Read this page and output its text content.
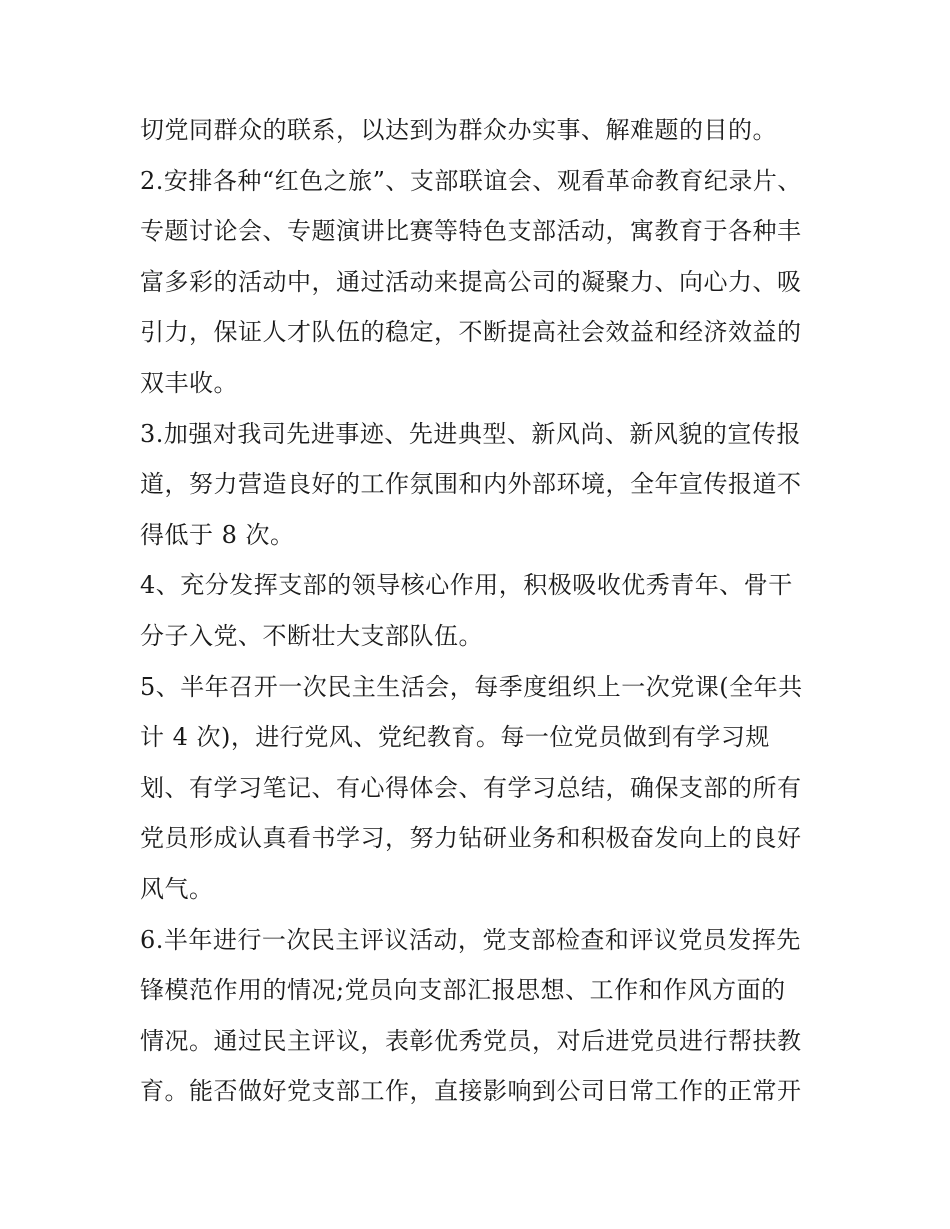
切党同群众的联系，以达到为群众办实事、解难题的目的。
2.安排各种“红色之旅”、支部联谊会、观看革命教育纪录片、
专题讨论会、专题演讲比赛等特色支部活动，寓教育于各种丰
富多彩的活动中，通过活动来提高公司的凝聚力、向心力、吸
引力，保证人才队伍的稳定，不断提高社会效益和经济效益的
双丰收。
3.加强对我司先进事迹、先进典型、新风尚、新风貌的宣传报
道，努力营造良好的工作氛围和内外部环境，全年宣传报道不
得低于 8 次。
4、充分发挥支部的领导核心作用，积极吸收优秀青年、骨干
分子入党、不断壮大支部队伍。
5、半年召开一次民主生活会，每季度组织上一次党课(全年共
计 4 次)，进行党风、党纪教育。每一位党员做到有学习规
划、有学习笔记、有心得体会、有学习总结，确保支部的所有
党员形成认真看书学习，努力钻研业务和积极奋发向上的良好
风气。
6.半年进行一次民主评议活动，党支部检查和评议党员发挥先
锋模范作用的情况;党员向支部汇报思想、工作和作风方面的
情况。通过民主评议，表彰优秀党员，对后进党员进行帮扶教
育。能否做好党支部工作，直接影响到公司日常工作的正常开
